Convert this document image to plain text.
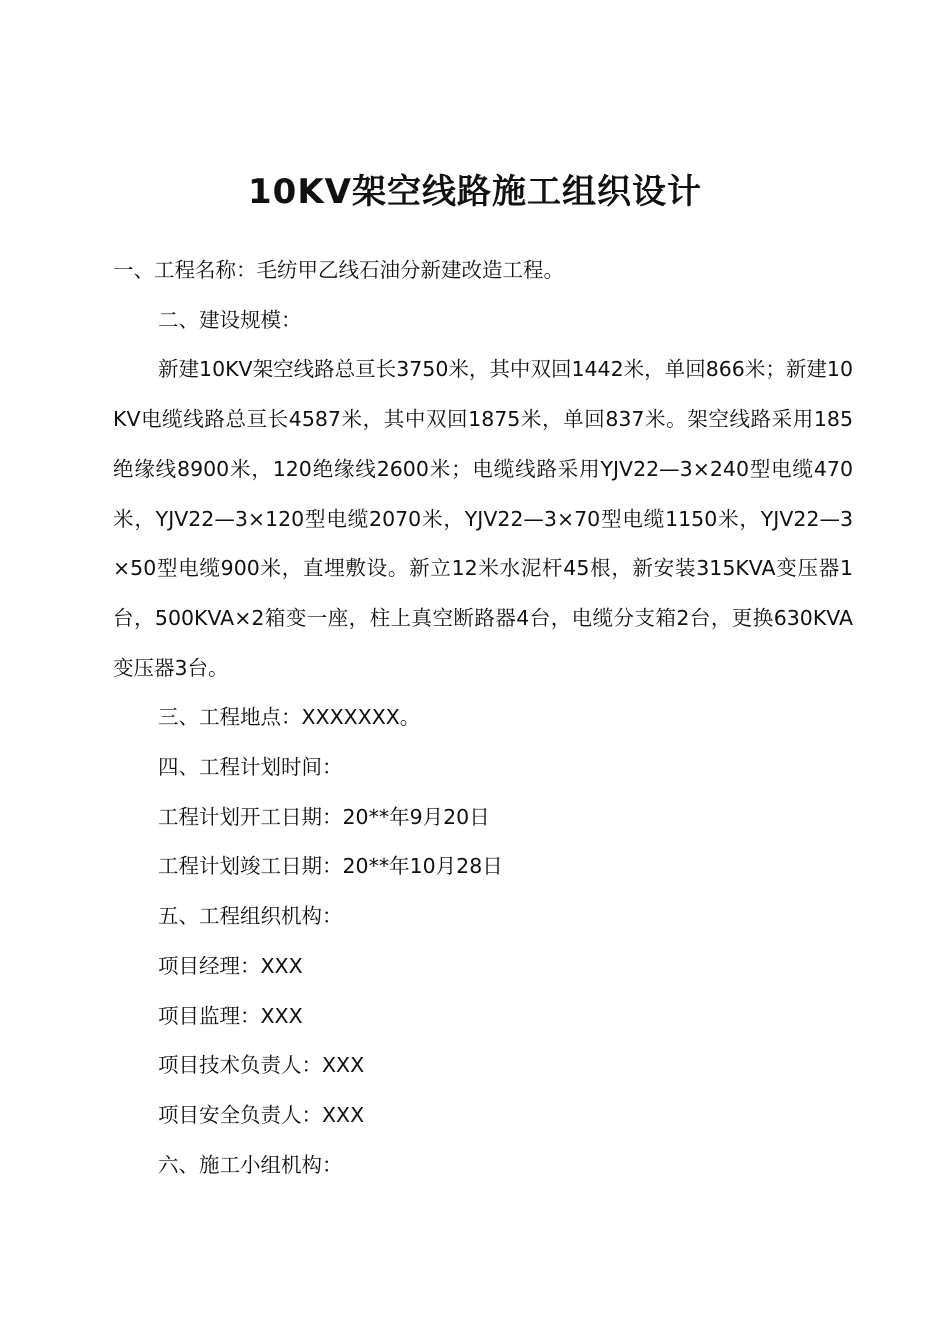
10KV架空线路施工组织设计

一、工程名称：毛纺甲乙线石油分新建改造工程。

二、建设规模：

新建10KV架空线路总亘长3750米，其中双回1442米，单回866米；新建10KV电缆线路总亘长4587米，其中双回1875米，单回837米。架空线路采用185绝缘线8900米，120绝缘线2600米；电缆线路采用YJV22—3×240型电缆470米，YJV22—3×120型电缆2070米，YJV22—3×70型电缆1150米，YJV22—3×50型电缆900米，直埋敷设。新立12米水泥杆45根，新安装315KVA变压器1台，500KVA×2箱变一座，柱上真空断路器4台，电缆分支箱2台，更换630KVA变压器3台。

三、工程地点：XXXXXXX。

四、工程计划时间：

工程计划开工日期：20**年9月20日

工程计划竣工日期：20**年10月28日

五、工程组织机构：

项目经理：XXX

项目监理：XXX

项目技术负责人：XXX

项目安全负责人：XXX

六、施工小组机构：
